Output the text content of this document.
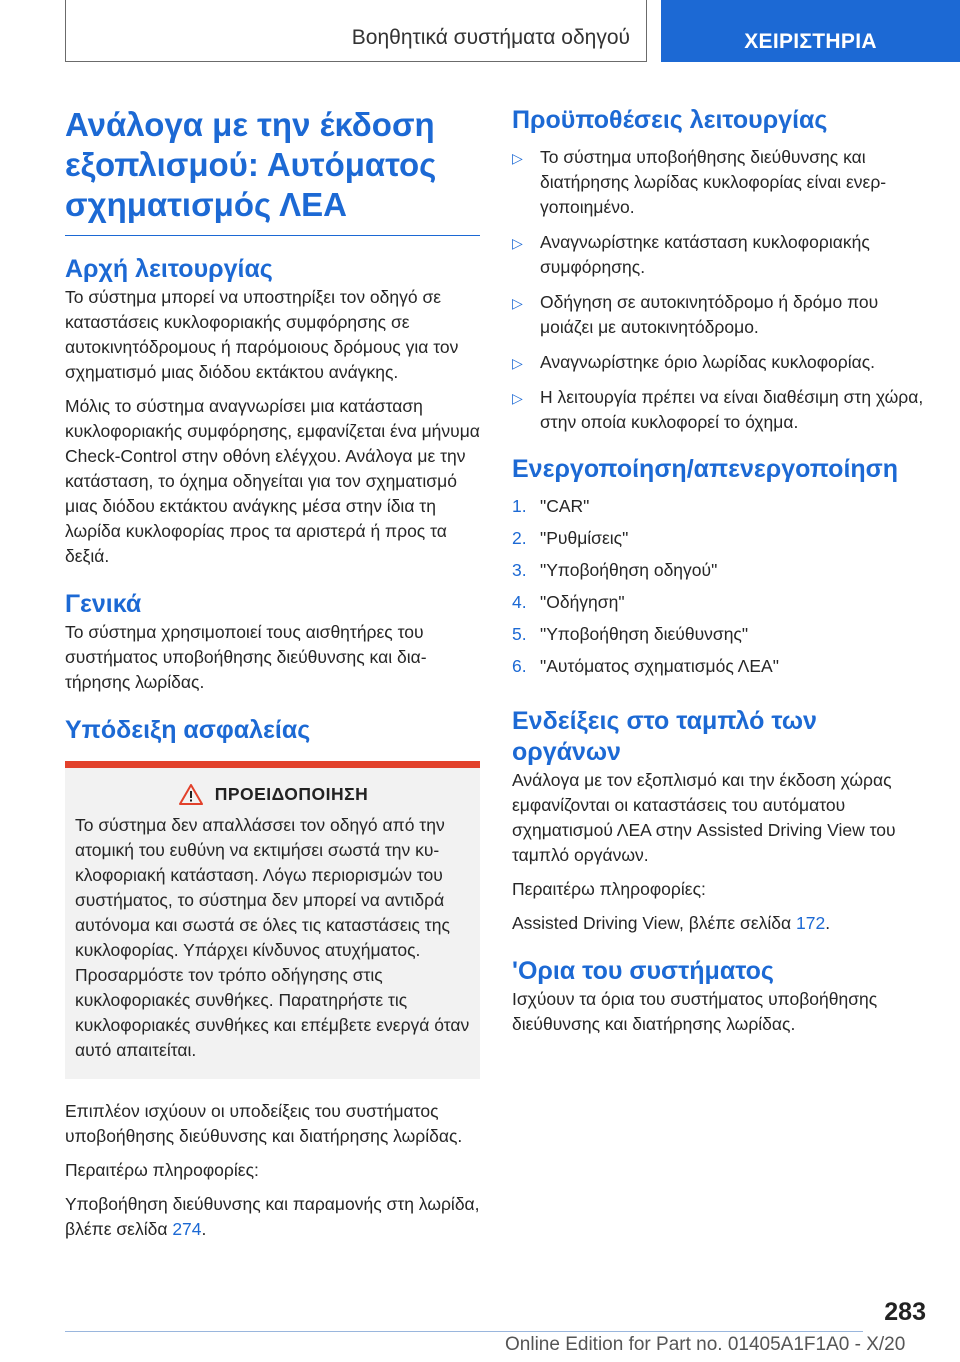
Βοηθητικά συστήματα οδηγού	ΧΕΙΡΙΣΤΗΡΙΑ
Ανάλογα με την έκδοση εξοπλισμού: Αυτόματος σχηματισμός ΛΕΑ
Αρχή λειτουργίας

Το σύστημα μπορεί να υποστηρίξει τον οδηγό σε καταστάσεις κυκλοφοριακής συμφόρησης σε αυτοκινητόδρομους ή παρόμοιους δρόμους για τον σχηματισμό μιας διόδου εκτάκτου ανάγκης.

Μόλις το σύστημα αναγνωρίσει μια κατάσταση κυκλοφοριακής συμφόρησης, εμφανίζεται ένα μήνυμα Check-Control στην οθόνη ελέγχου. Ανάλογα με την κατάσταση, το όχημα οδηγείται για τον σχηματισμό μιας διόδου εκτάκτου ανάγκης μέσα στην ίδια τη λωρίδα κυκλοφορίας προς τα αριστερά ή προς τα δεξιά.

Γενικά

Το σύστημα χρησιμοποιεί τους αισθητήρες του συστήματος υποβοήθησης διεύθυνσης και διατήρησης λωρίδας.

Υπόδειξη ασφαλείας
ΠΡΟΕΙΔΟΠΟΙΗΣΗ

Το σύστημα δεν απαλλάσσει τον οδηγό από την ατομική του ευθύνη να εκτιμήσει σωστά την κυκλοφοριακή κατάσταση. Λόγω περιορισμών του συστήματος, το σύστημα δεν μπορεί να αντιδρά αυτόνομα και σωστά σε όλες τις καταστάσεις της κυκλοφορίας. Υπάρχει κίνδυνος ατυχήματος. Προσαρμόστε τον τρόπο οδήγησης στις κυκλοφοριακές συνθήκες. Παρατηρήστε τις κυκλοφοριακές συνθήκες και επέμβετε ενεργά όταν αυτό απαιτείται.

Επιπλέον ισχύουν οι υποδείξεις του συστήματος υποβοήθησης διεύθυνσης και διατήρησης λωρίδας.

Περαιτέρω πληροφορίες:

Υποβοήθηση διεύθυνσης και παραμονής στη λωρίδα, βλέπε σελίδα 274.

Προϋποθέσεις λειτουργίας
▷ Το σύστημα υποβοήθησης διεύθυνσης και διατήρησης λωρίδας κυκλοφορίας είναι ενεργοποιημένο.
▷ Αναγνωρίστηκε κατάσταση κυκλοφοριακής συμφόρησης.
▷ Οδήγηση σε αυτοκινητόδρομο ή δρόμο που μοιάζει με αυτοκινητόδρομο.
▷ Αναγνωρίστηκε όριο λωρίδας κυκλοφορίας.
▷ Η λειτουργία πρέπει να είναι διαθέσιμη στη χώρα, στην οποία κυκλοφορεί το όχημα.
Ενεργοποίηση/απενεργοποίηση
1. "CAR"
2. "Ρυθμίσεις"
3. "Υποβοήθηση οδηγού"
4. "Οδήγηση"
5. "Υποβοήθηση διεύθυνσης"
6. "Αυτόματος σχηματισμός ΛΕΑ"
Ενδείξεις στο ταμπλό των οργάνων

Ανάλογα με τον εξοπλισμό και την έκδοση χώρας εμφανίζονται οι καταστάσεις του αυτόματου σχηματισμού ΛΕΑ στην Assisted Driving View του ταμπλό οργάνων.

Περαιτέρω πληροφορίες:

Assisted Driving View, βλέπε σελίδα 172.

'Ορια του συστήματος

Ισχύουν τα όρια του συστήματος υποβοήθησης διεύθυνσης και διατήρησης λωρίδας.

283
Online Edition for Part no. 01405A1F1A0 - X/20
